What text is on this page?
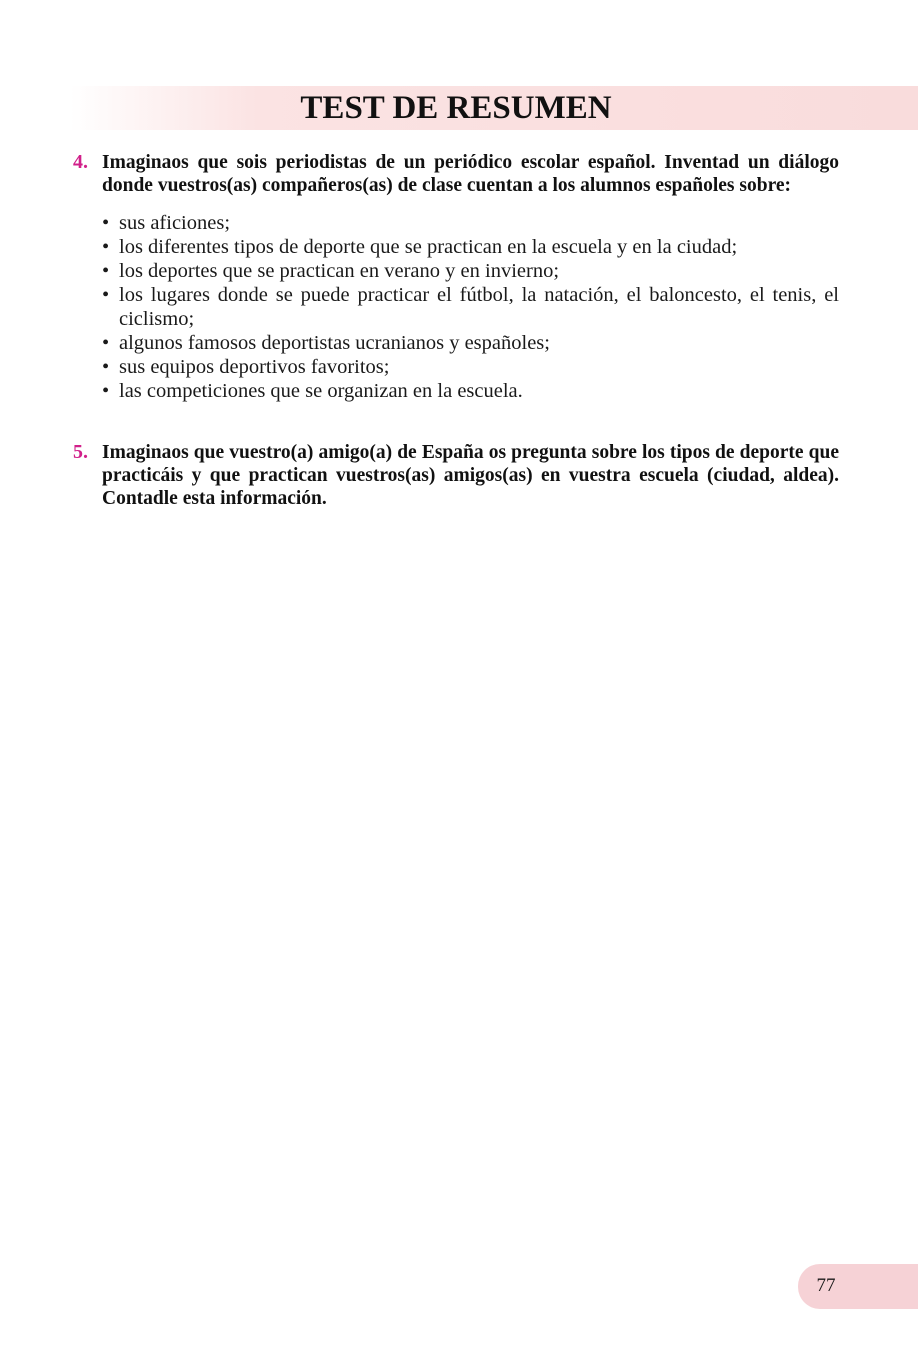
TEST DE RESUMEN
4. Imaginaos que sois periodistas de un periódico escolar español. Inventad un diálogo donde vuestros(as) compañeros(as) de clase cuentan a los alumnos españoles sobre:

• sus aficiones;
• los diferentes tipos de deporte que se practican en la escuela y en la ciudad;
• los deportes que se practican en verano y en invierno;
• los lugares donde se puede practicar el fútbol, la natación, el baloncesto, el tenis, el ciclismo;
• algunos famosos deportistas ucranianos y españoles;
• sus equipos deportivos favoritos;
• las competiciones que se organizan en la escuela.
5. Imaginaos que vuestro(a) amigo(a) de España os pregunta sobre los tipos de deporte que practicáis y que practican vuestros(as) amigos(as) en vuestra escuela (ciudad, aldea). Contadle esta información.

77
